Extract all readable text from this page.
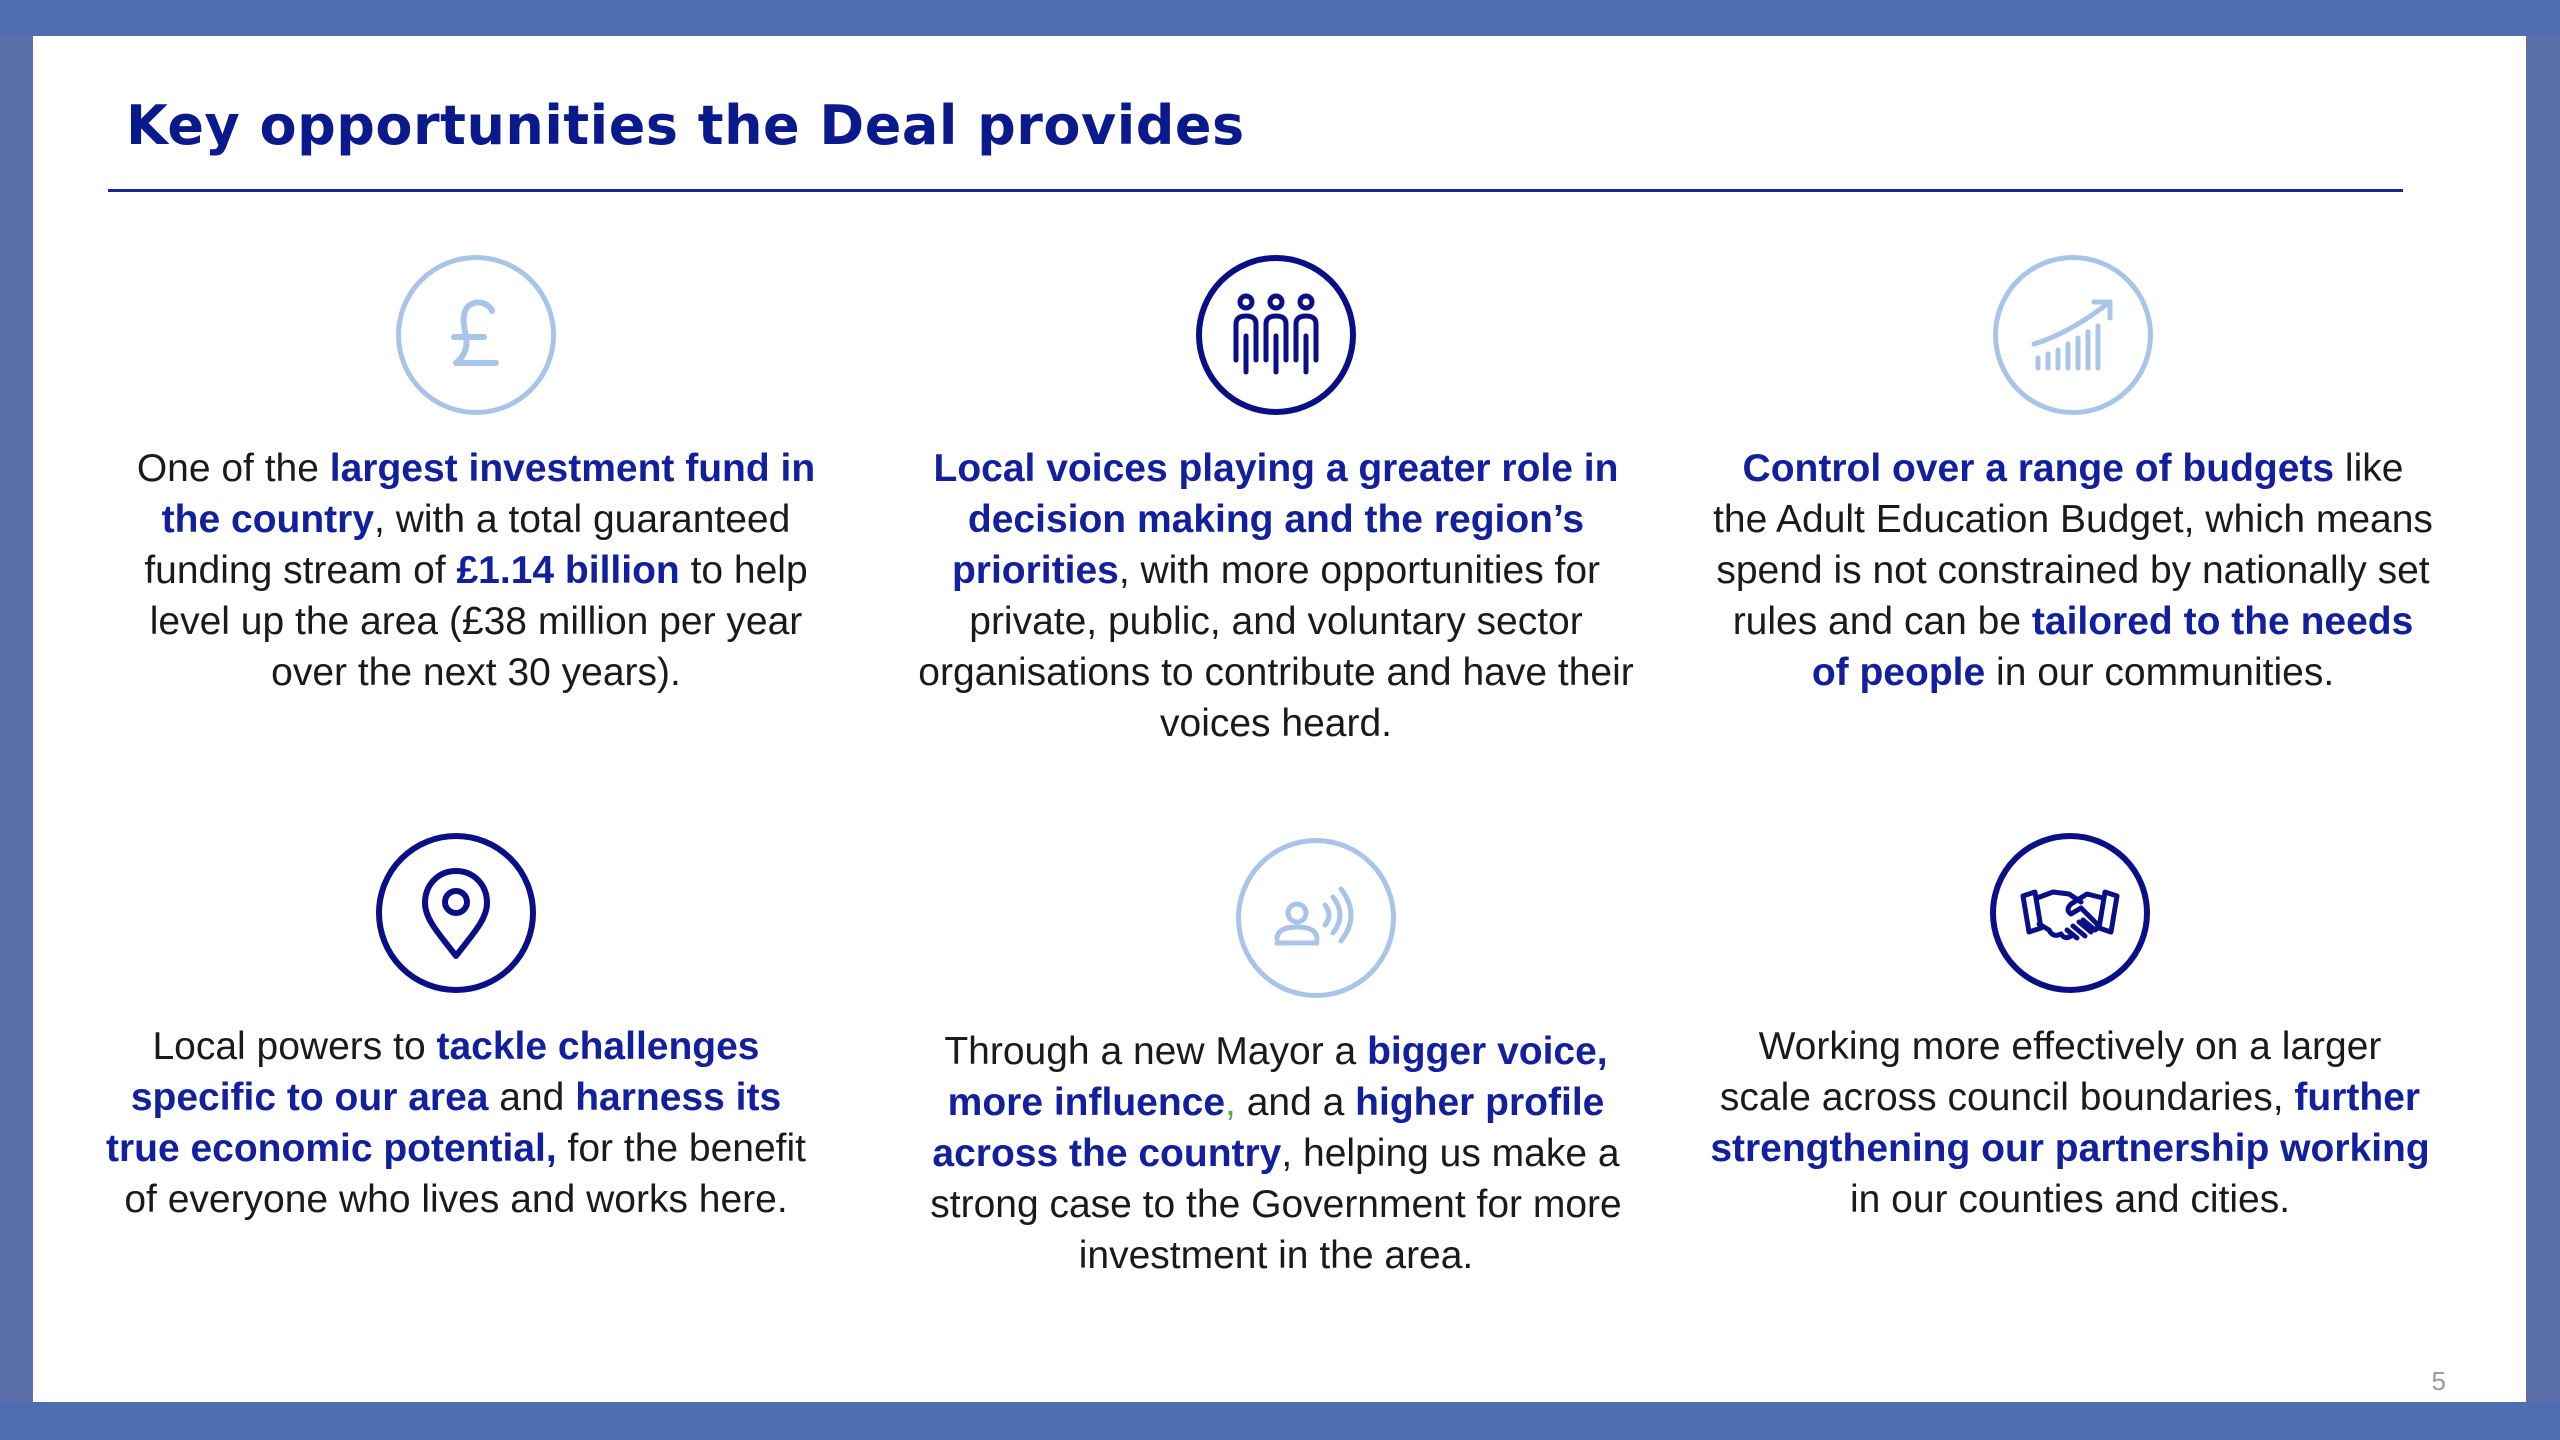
Key opportunities the Deal provides
One of the largest investment fund in the country, with a total guaranteed funding stream of £1.14 billion to help level up the area (£38 million per year over the next 30 years).
Local voices playing a greater role in decision making and the region’s priorities, with more opportunities for private, public, and voluntary sector organisations to contribute and have their voices heard.
Control over a range of budgets like the Adult Education Budget, which means spend is not constrained by nationally set rules and can be tailored to the needs of people in our communities.
Local powers to tackle challenges specific to our area and harness its true economic potential, for the benefit of everyone who lives and works here.
Through a new Mayor a bigger voice, more influence, and a higher profile across the country, helping us make a strong case to the Government for more investment in the area.
Working more effectively on a larger scale across council boundaries, further strengthening our partnership working in our counties and cities.
5
